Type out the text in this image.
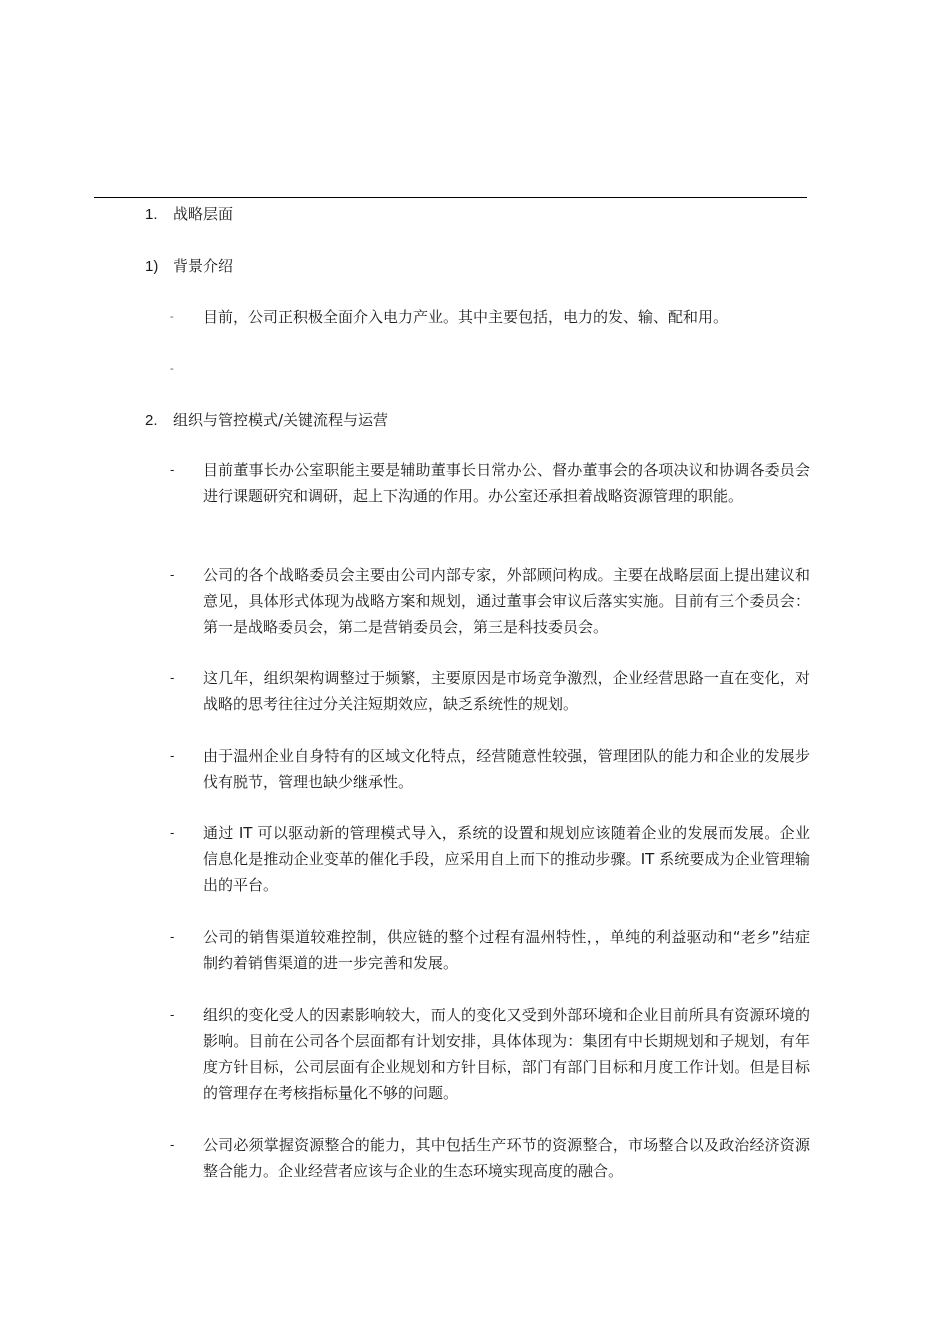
1. 战略层面
1) 背景介绍
-	目前，公司正积极全面介入电力产业。其中主要包括，电力的发、输、配和用。
-
2. 组织与管控模式/关键流程与运营
-	目前董事长办公室职能主要是辅助董事长日常办公、督办董事会的各项决议和协调各委员会进行课题研究和调研，起上下沟通的作用。办公室还承担着战略资源管理的职能。
-	公司的各个战略委员会主要由公司内部专家，外部顾问构成。主要在战略层面上提出建议和意见，具体形式体现为战略方案和规划，通过董事会审议后落实实施。目前有三个委员会：第一是战略委员会，第二是营销委员会，第三是科技委员会。
-	这几年，组织架构调整过于频繁，主要原因是市场竞争激烈，企业经营思路一直在变化，对战略的思考往往过分关注短期效应，缺乏系统性的规划。
-	由于温州企业自身特有的区域文化特点，经营随意性较强，管理团队的能力和企业的发展步伐有脱节，管理也缺少继承性。
-	通过 IT 可以驱动新的管理模式导入，系统的设置和规划应该随着企业的发展而发展。企业信息化是推动企业变革的催化手段，应采用自上而下的推动步骤。IT 系统要成为企业管理输出的平台。
-	公司的销售渠道较难控制，供应链的整个过程有温州特性，，单纯的利益驱动和“老乡”结症制约着销售渠道的进一步完善和发展。
-	组织的变化受人的因素影响较大，而人的变化又受到外部环境和企业目前所具有资源环境的影响。目前在公司各个层面都有计划安排，具体体现为：集团有中长期规划和子规划，有年度方针目标，公司层面有企业规划和方针目标，部门有部门目标和月度工作计划。但是目标的管理存在考核指标量化不够的问题。
-	公司必须掌握资源整合的能力，其中包括生产环节的资源整合，市场整合以及政治经济资源整合能力。企业经营者应该与企业的生态环境实现高度的融合。
